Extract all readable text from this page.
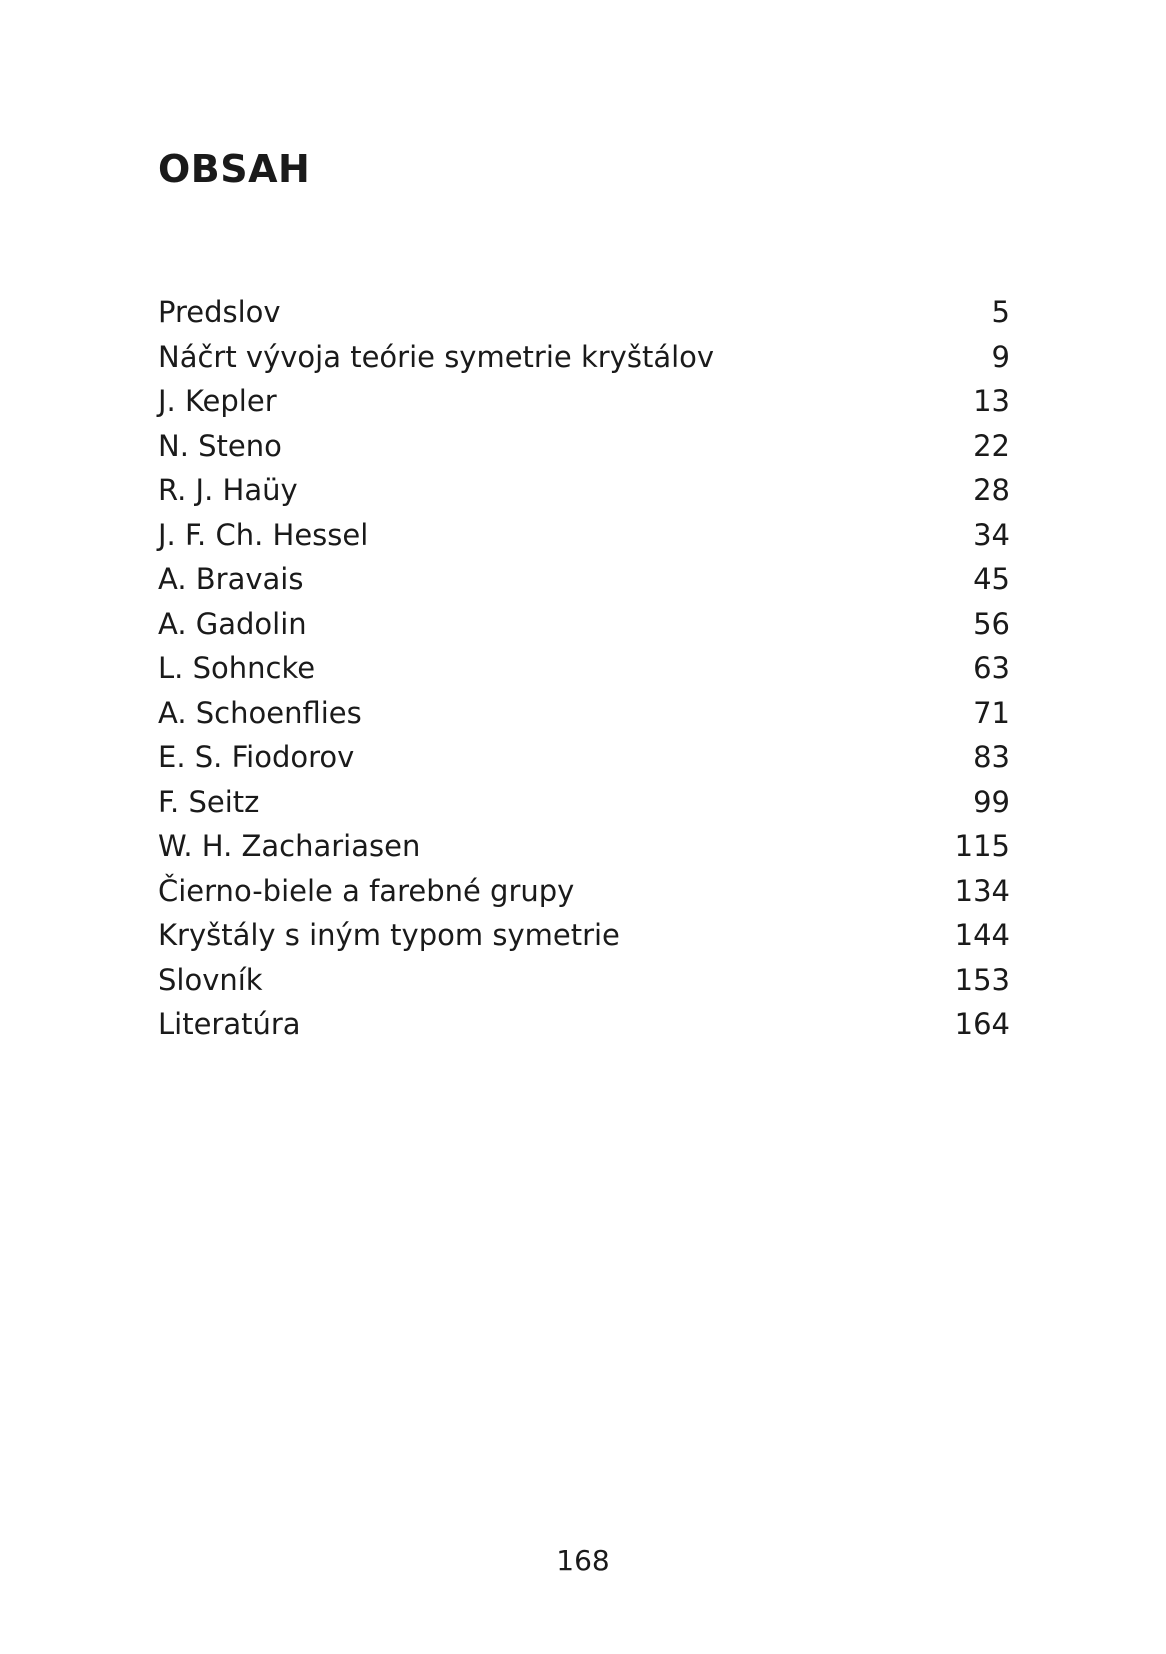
OBSAH
Predslov	5
Náčrt vývoja teórie symetrie kryštálov	9
J. Kepler	13
N. Steno	22
R. J. Haüy	28
J. F. Ch. Hessel	34
A. Bravais	45
A. Gadolin	56
L. Sohncke	63
A. Schoenflies	71
E. S. Fiodorov	83
F. Seitz	99
W. H. Zachariasen	115
Čierno-biele a farebné grupy	134
Kryštály s iným typom symetrie	144
Slovník	153
Literatúra	164
168
